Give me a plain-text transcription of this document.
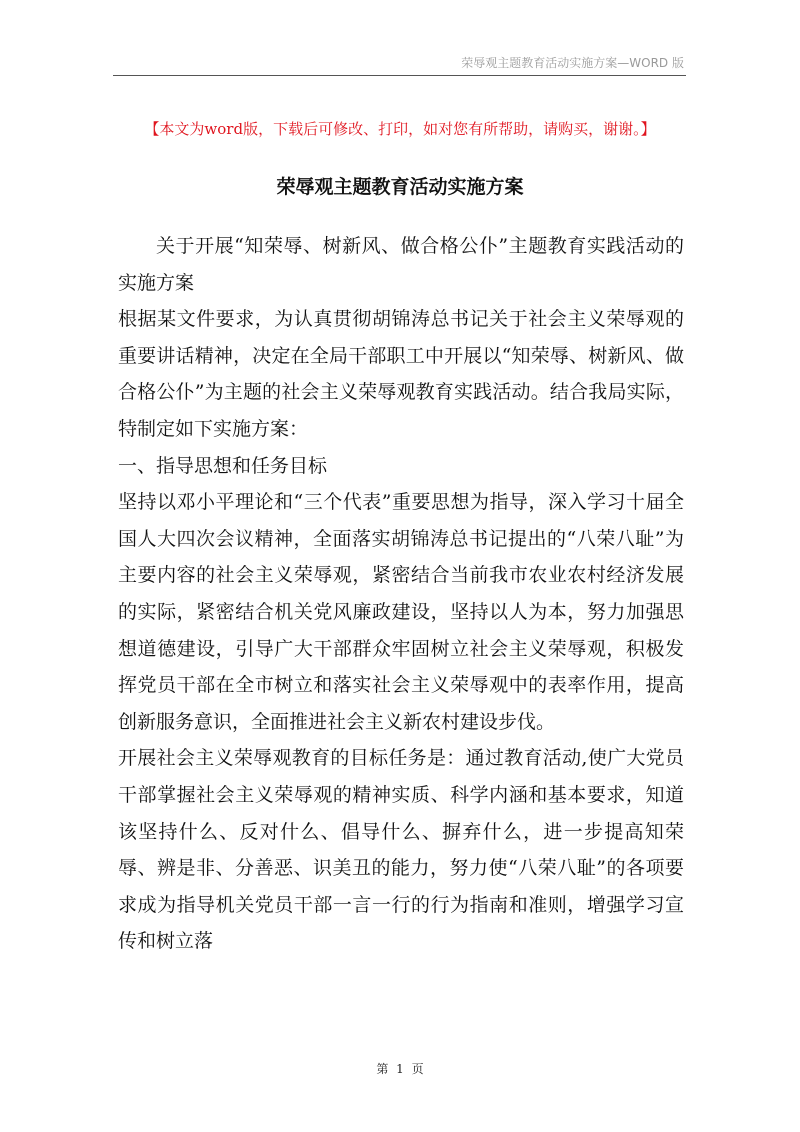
荣辱观主题教育活动实施方案—WORD 版
【本文为word版，下载后可修改、打印，如对您有所帮助，请购买，谢谢。】
荣辱观主题教育活动实施方案

关于开展“知荣辱、树新风、做合格公仆”主题教育实践活动的实施方案

根据某文件要求，为认真贯彻胡锦涛总书记关于社会主义荣辱观的重要讲话精神，决定在全局干部职工中开展以“知荣辱、树新风、做合格公仆”为主题的社会主义荣辱观教育实践活动。结合我局实际，特制定如下实施方案：

一、指导思想和任务目标

坚持以邓小平理论和“三个代表”重要思想为指导，深入学习十届全国人大四次会议精神，全面落实胡锦涛总书记提出的“八荣八耻”为主要内容的社会主义荣辱观，紧密结合当前我市农业农村经济发展的实际，紧密结合机关党风廉政建设，坚持以人为本，努力加强思想道德建设，引导广大干部群众牢固树立社会主义荣辱观，积极发挥党员干部在全市树立和落实社会主义荣辱观中的表率作用，提高创新服务意识，全面推进社会主义新农村建设步伐。

开展社会主义荣辱观教育的目标任务是：通过教育活动,使广大党员干部掌握社会主义荣辱观的精神实质、科学内涵和基本要求，知道该坚持什么、反对什么、倡导什么、摒弃什么，进一步提高知荣辱、辨是非、分善恶、识美丑的能力，努力使“八荣八耻”的各项要求成为指导机关党员干部一言一行的行为指南和准则，增强学习宣传和树立落

第 1 页
